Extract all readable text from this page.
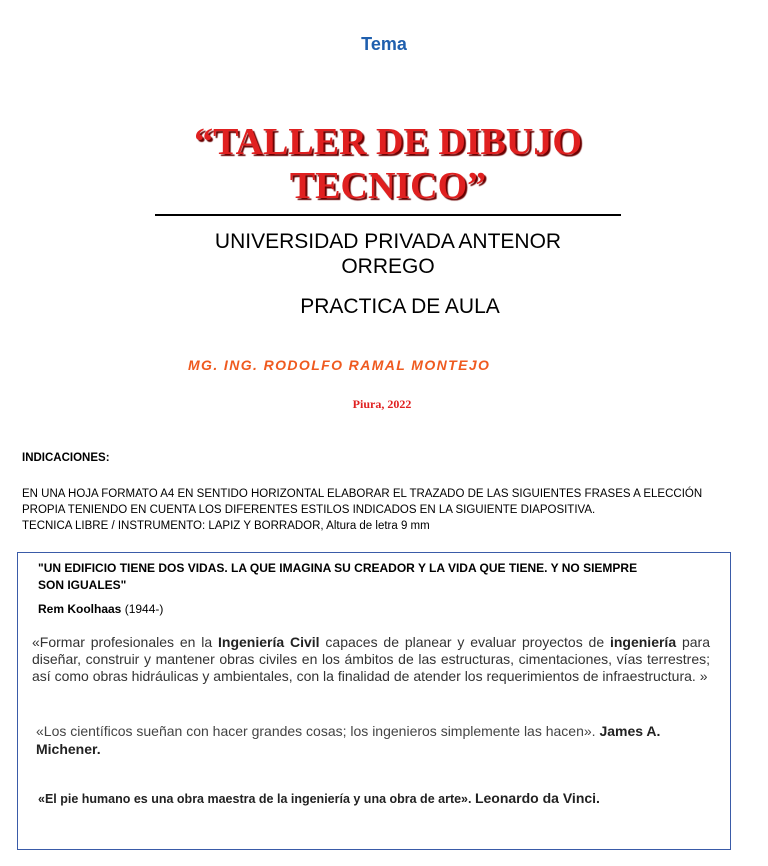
Tema
“TALLER DE DIBUJO
TECNICO”
UNIVERSIDAD PRIVADA ANTENOR
ORREGO
PRACTICA DE AULA
MG. ING. RODOLFO RAMAL MONTEJO
Piura, 2022
INDICACIONES:
EN UNA HOJA FORMATO A4 EN SENTIDO HORIZONTAL ELABORAR EL TRAZADO DE LAS SIGUIENTES FRASES A ELECCIÓN
PROPIA TENIENDO EN CUENTA LOS DIFERENTES ESTILOS INDICADOS EN LA SIGUIENTE DIAPOSITIVA.
TECNICA LIBRE / INSTRUMENTO: LAPIZ Y BORRADOR, Altura de letra 9 mm
"UN EDIFICIO TIENE DOS VIDAS. LA QUE IMAGINA SU CREADOR Y LA VIDA QUE TIENE. Y NO SIEMPRE SON IGUALES"
Rem Koolhaas (1944-)
«Formar profesionales en la Ingeniería Civil capaces de planear y evaluar proyectos de ingeniería para diseñar, construir y mantener obras civiles en los ámbitos de las estructuras, cimentaciones, vías terrestres; así como obras hidráulicas y ambientales, con la finalidad de atender los requerimientos de infraestructura. »
«Los científicos sueñan con hacer grandes cosas; los ingenieros simplemente las hacen». James A. Michener.
«El pie humano es una obra maestra de la ingeniería y una obra de arte». Leonardo da Vinci.
